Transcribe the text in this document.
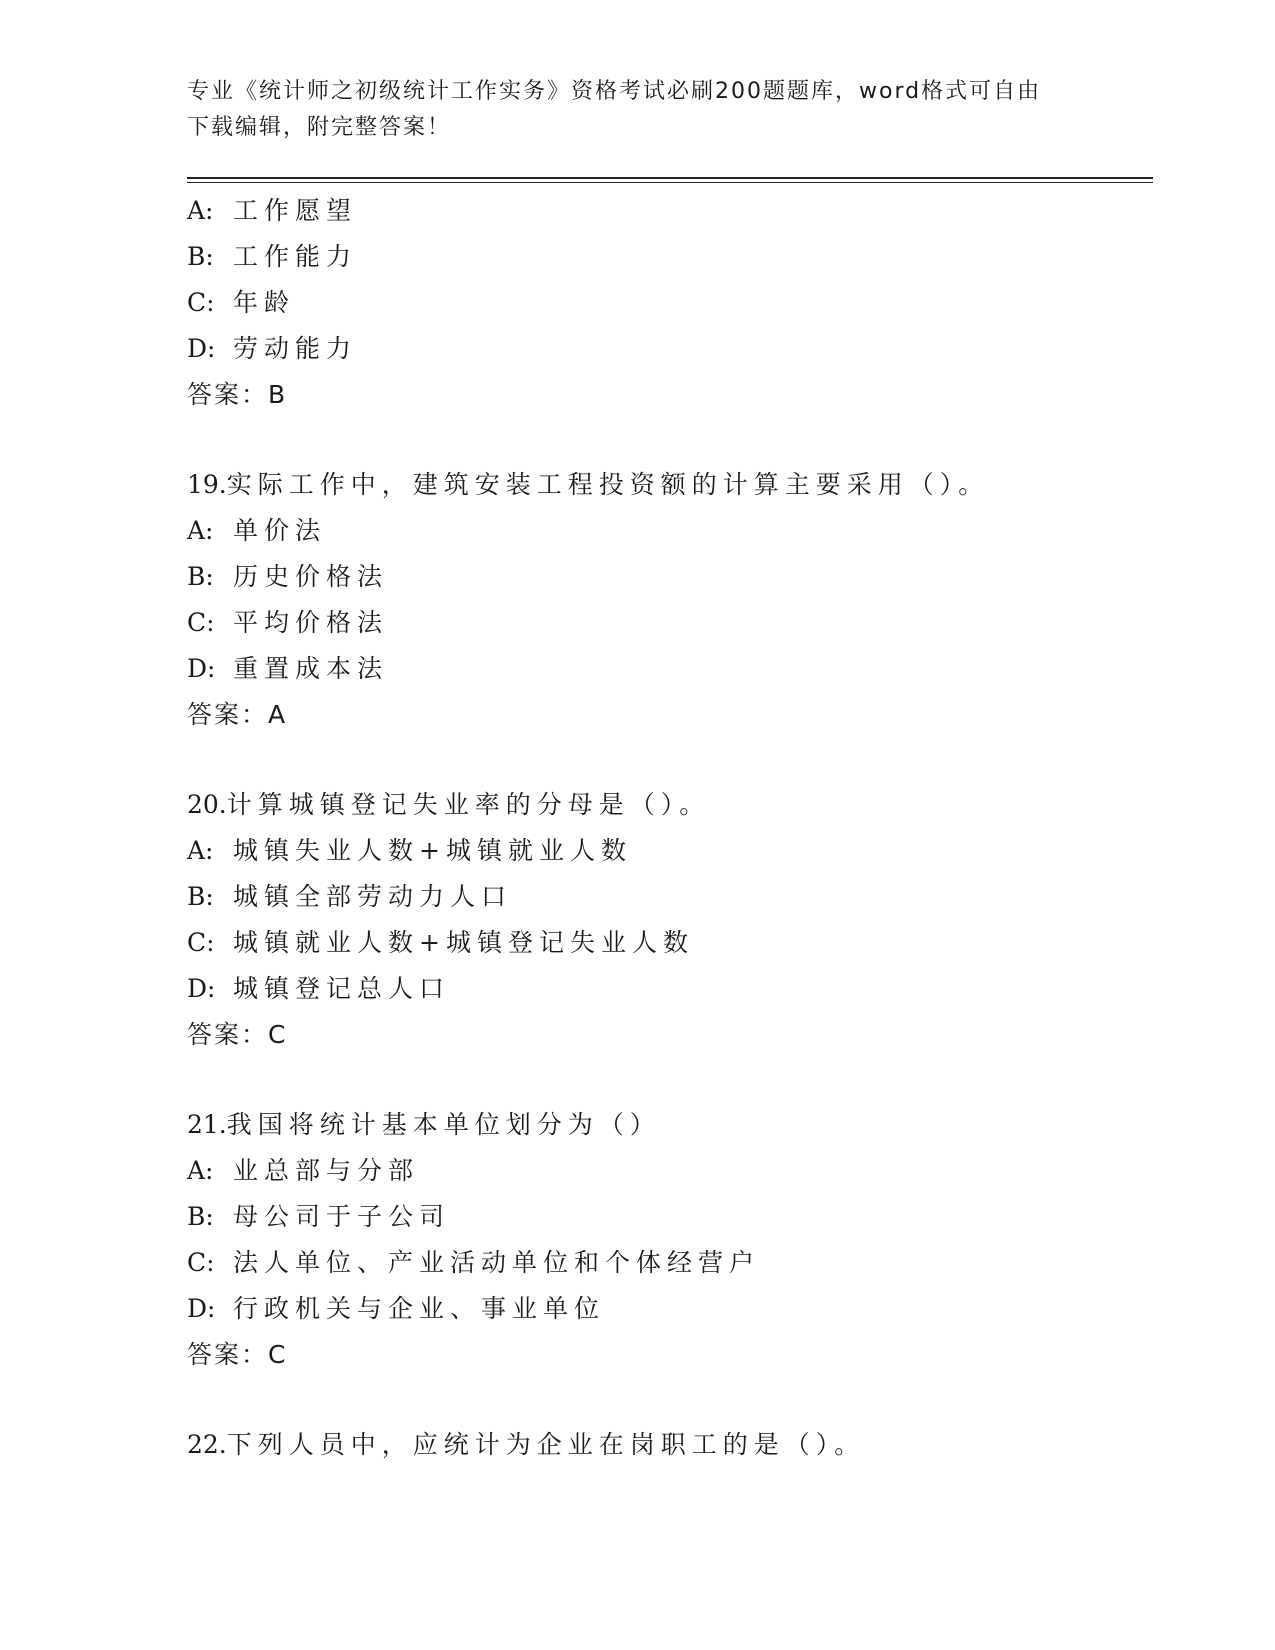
专业《统计师之初级统计工作实务》资格考试必刷200题题库，word格式可自由
下载编辑，附完整答案！
A: 工作愿望
B: 工作能力
C: 年龄
D: 劳动能力
答案：B
19.实际工作中，建筑安装工程投资额的计算主要采用（）。
A: 单价法
B: 历史价格法
C: 平均价格法
D: 重置成本法
答案：A
20.计算城镇登记失业率的分母是（）。
A: 城镇失业人数+城镇就业人数
B: 城镇全部劳动力人口
C: 城镇就业人数+城镇登记失业人数
D: 城镇登记总人口
答案：C
21.我国将统计基本单位划分为（）
A: 业总部与分部
B: 母公司于子公司
C: 法人单位、产业活动单位和个体经营户
D: 行政机关与企业、事业单位
答案：C
22.下列人员中，应统计为企业在岗职工的是（）。
